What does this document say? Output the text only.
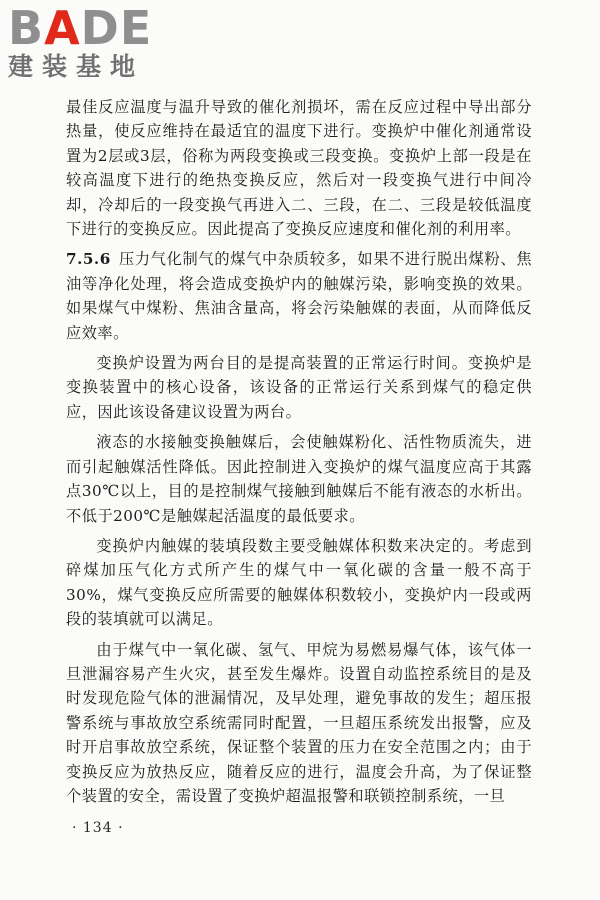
BADE
建装基地

最佳反应温度与温升导致的催化剂损坏，需在反应过程中导出部分热量，使反应维持在最适宜的温度下进行。变换炉中催化剂通常设置为2层或3层，俗称为两段变换或三段变换。变换炉上部一段是在较高温度下进行的绝热变换反应，然后对一段变换气进行中间冷却，冷却后的一段变换气再进入二、三段，在二、三段是较低温度下进行的变换反应。因此提高了变换反应速度和催化剂的利用率。

7.5.6 压力气化制气的煤气中杂质较多，如果不进行脱出煤粉、焦油等净化处理，将会造成变换炉内的触媒污染，影响变换的效果。如果煤气中煤粉、焦油含量高，将会污染触媒的表面，从而降低反应效率。

变换炉设置为两台目的是提高装置的正常运行时间。变换炉是变换装置中的核心设备，该设备的正常运行关系到煤气的稳定供应，因此该设备建议设置为两台。

液态的水接触变换触媒后，会使触媒粉化、活性物质流失，进而引起触媒活性降低。因此控制进入变换炉的煤气温度应高于其露点30℃以上，目的是控制煤气接触到触媒后不能有液态的水析出。不低于200℃是触媒起活温度的最低要求。

变换炉内触媒的装填段数主要受触媒体积数来决定的。考虑到碎煤加压气化方式所产生的煤气中一氧化碳的含量一般不高于30%，煤气变换反应所需要的触媒体积数较小，变换炉内一段或两段的装填就可以满足。

由于煤气中一氧化碳、氢气、甲烷为易燃易爆气体，该气体一旦泄漏容易产生火灾，甚至发生爆炸。设置自动监控系统目的是及时发现危险气体的泄漏情况，及早处理，避免事故的发生；超压报警系统与事故放空系统需同时配置，一旦超压系统发出报警，应及时开启事故放空系统，保证整个装置的压力在安全范围之内；由于变换反应为放热反应，随着反应的进行，温度会升高，为了保证整个装置的安全，需设置了变换炉超温报警和联锁控制系统，一旦

· 134 ·
